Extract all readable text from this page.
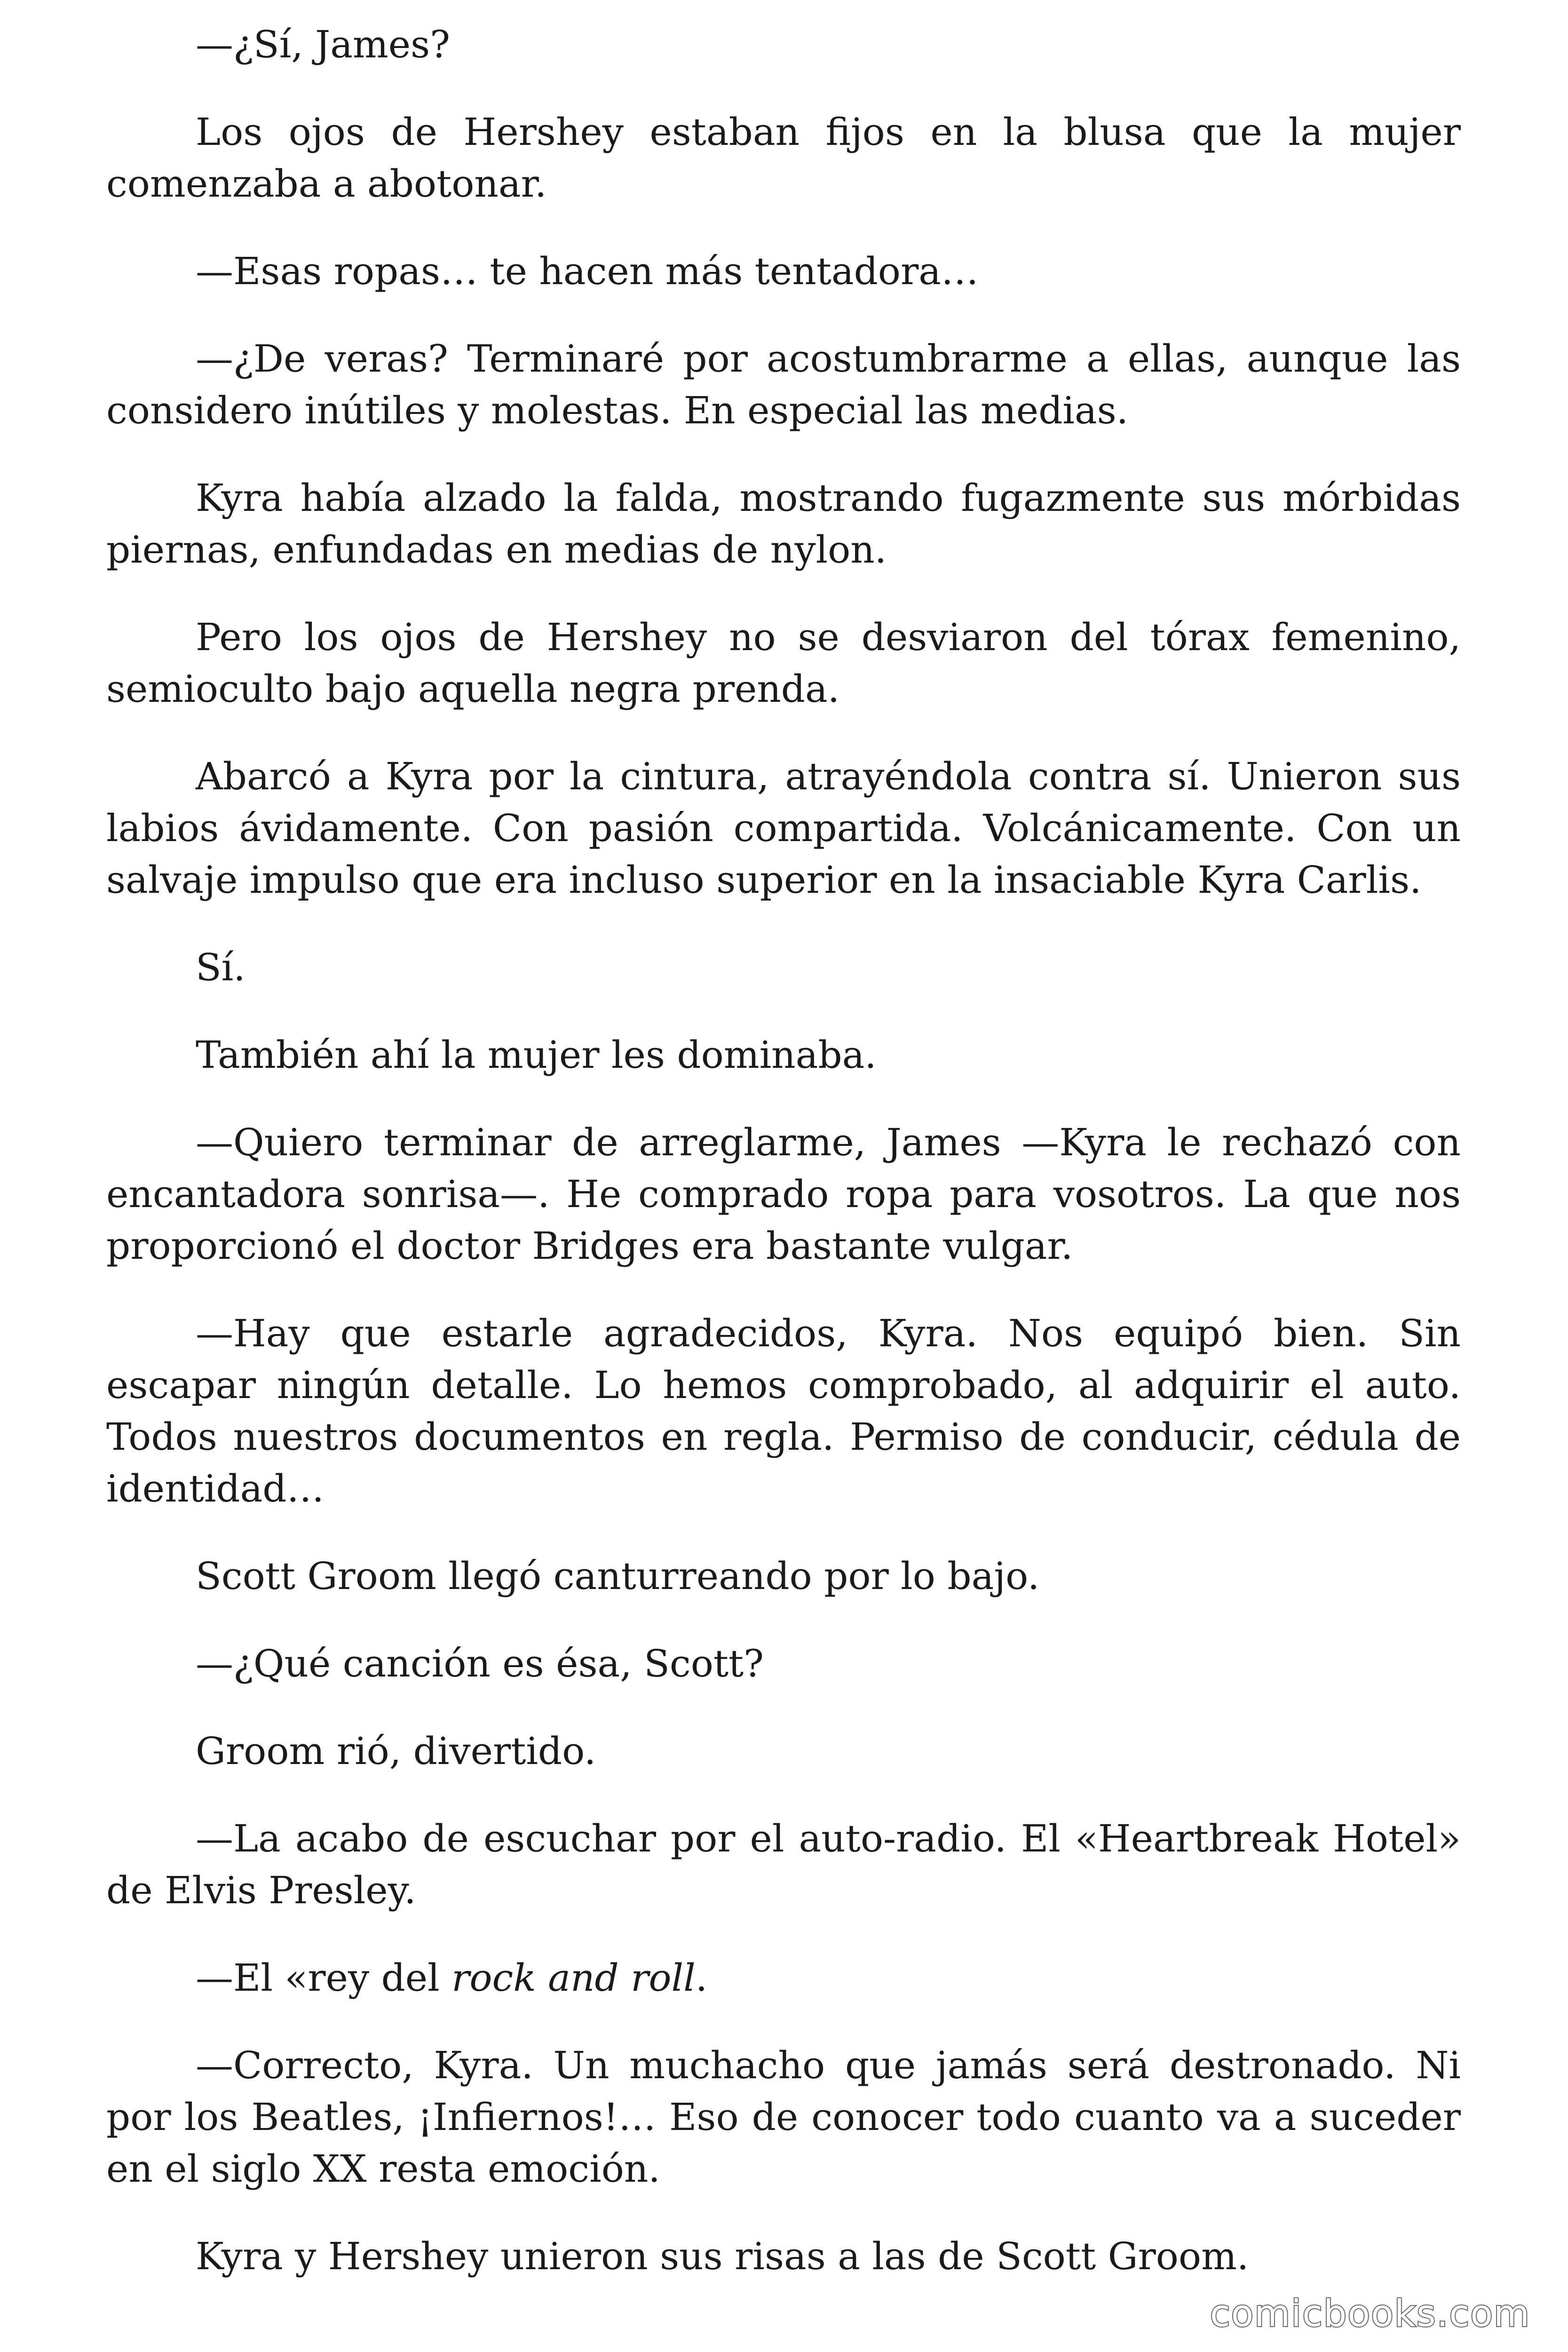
—¿Sí, James?

Los ojos de Hershey estaban fijos en la blusa que la mujer comenzaba a abotonar.

—Esas ropas… te hacen más tentadora…

—¿De veras? Terminaré por acostumbrarme a ellas, aunque las considero inútiles y molestas. En especial las medias.

Kyra había alzado la falda, mostrando fugazmente sus mórbidas piernas, enfundadas en medias de nylon.

Pero los ojos de Hershey no se desviaron del tórax femenino, semioculto bajo aquella negra prenda.

Abarcó a Kyra por la cintura, atrayéndola contra sí. Unieron sus labios ávidamente. Con pasión compartida. Volcánicamente. Con un salvaje impulso que era incluso superior en la insaciable Kyra Carlis.

Sí.

También ahí la mujer les dominaba.

—Quiero terminar de arreglarme, James —Kyra le rechazó con encantadora sonrisa—. He comprado ropa para vosotros. La que nos proporcionó el doctor Bridges era bastante vulgar.

—Hay que estarle agradecidos, Kyra. Nos equipó bien. Sin escapar ningún detalle. Lo hemos comprobado, al adquirir el auto. Todos nuestros documentos en regla. Permiso de conducir, cédula de identidad…

Scott Groom llegó canturreando por lo bajo.

—¿Qué canción es ésa, Scott?

Groom rió, divertido.

—La acabo de escuchar por el auto-radio. El «Heartbreak Hotel» de Elvis Presley.

—El «rey del rock and roll.

—Correcto, Kyra. Un muchacho que jamás será destronado. Ni por los Beatles, ¡Infiernos!… Eso de conocer todo cuanto va a suceder en el siglo XX resta emoción.

Kyra y Hershey unieron sus risas a las de Scott Groom.

comicbooks.com
